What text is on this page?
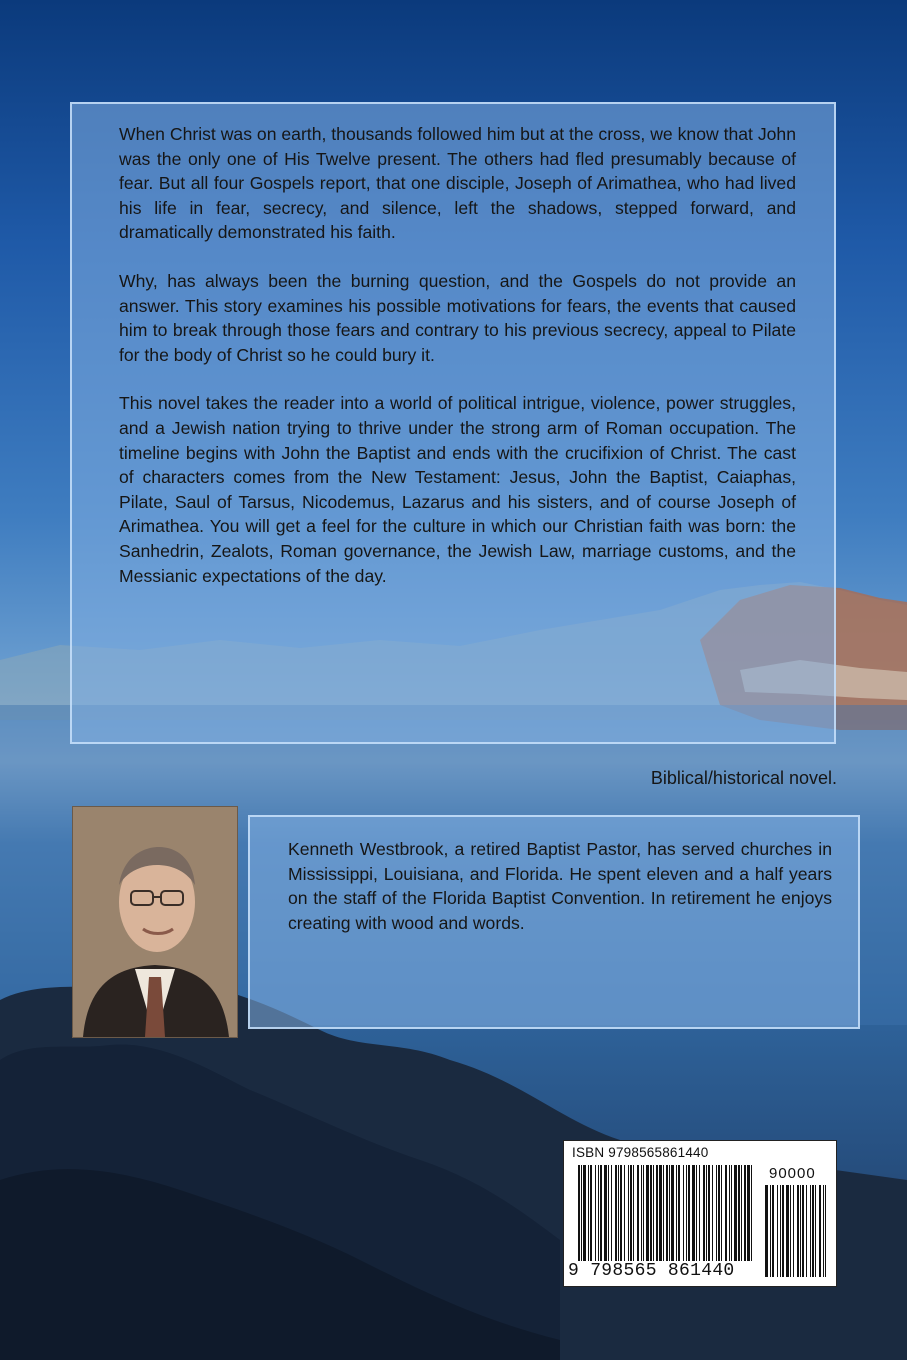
When Christ was on earth, thousands followed him but at the cross, we know that John was the only one of His Twelve present. The others had fled presumably because of fear. But all four Gospels report, that one disciple, Joseph of Arimathea, who had lived his life in fear, secrecy, and silence, left the shadows, stepped forward, and dramatically demonstrated his faith.

Why, has always been the burning question, and the Gospels do not provide an answer. This story examines his possible motivations for fears, the events that caused him to break through those fears and contrary to his previous secrecy, appeal to Pilate for the body of Christ so he could bury it.

This novel takes the reader into a world of political intrigue, violence, power struggles, and a Jewish nation trying to thrive under the strong arm of Roman occupation. The timeline begins with John the Baptist and ends with the crucifixion of Christ. The cast of characters comes from the New Testament: Jesus, John the Baptist, Caiaphas, Pilate, Saul of Tarsus, Nicodemus, Lazarus and his sisters, and of course Joseph of Arimathea. You will get a feel for the culture in which our Christian faith was born: the Sanhedrin, Zealots, Roman governance, the Jewish Law, marriage customs, and the Messianic expectations of the day.

Biblical/historical novel.
Kenneth Westbrook, a retired Baptist Pastor, has served churches in Mississippi, Louisiana, and Florida. He spent eleven and a half years on the staff of the Florida Baptist Convention. In retirement he enjoys creating with wood and words.
ISBN 9798565861440
90000
9 798565 861440
